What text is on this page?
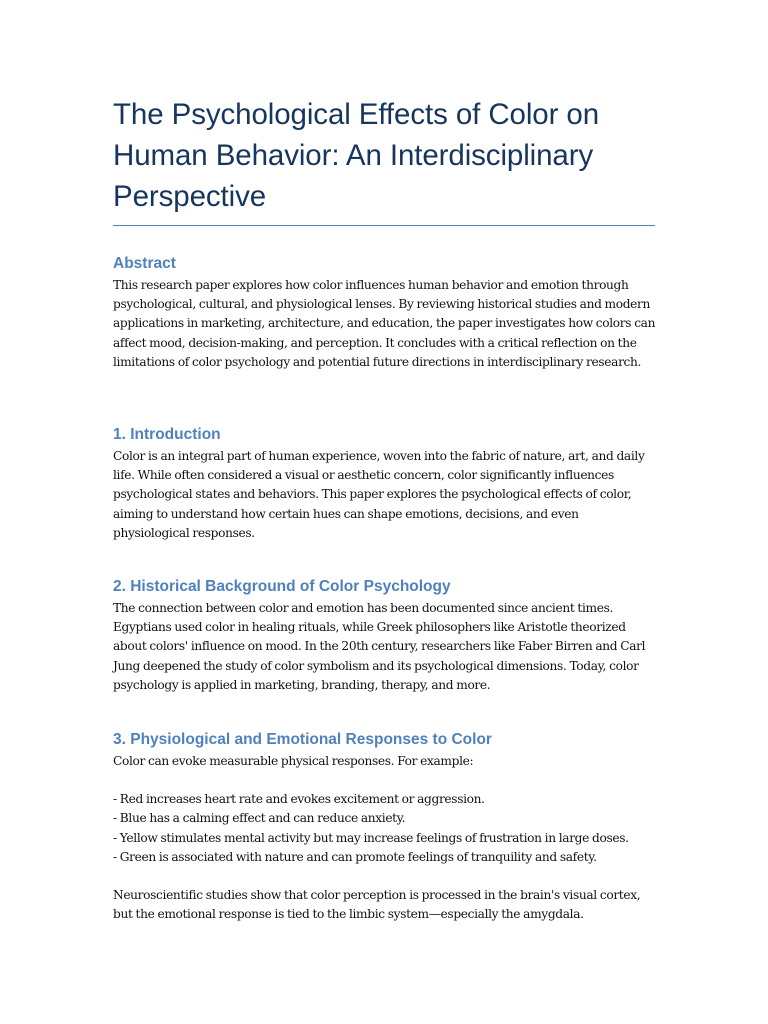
The Psychological Effects of Color on Human Behavior: An Interdisciplinary Perspective
Abstract

This research paper explores how color influences human behavior and emotion through psychological, cultural, and physiological lenses. By reviewing historical studies and modern applications in marketing, architecture, and education, the paper investigates how colors can affect mood, decision-making, and perception. It concludes with a critical reflection on the limitations of color psychology and potential future directions in interdisciplinary research.

1. Introduction

Color is an integral part of human experience, woven into the fabric of nature, art, and daily life. While often considered a visual or aesthetic concern, color significantly influences psychological states and behaviors. This paper explores the psychological effects of color, aiming to understand how certain hues can shape emotions, decisions, and even physiological responses.

2. Historical Background of Color Psychology

The connection between color and emotion has been documented since ancient times. Egyptians used color in healing rituals, while Greek philosophers like Aristotle theorized about colors' influence on mood. In the 20th century, researchers like Faber Birren and Carl Jung deepened the study of color symbolism and its psychological dimensions. Today, color psychology is applied in marketing, branding, therapy, and more.

3. Physiological and Emotional Responses to Color

Color can evoke measurable physical responses. For example:

- Red increases heart rate and evokes excitement or aggression.
- Blue has a calming effect and can reduce anxiety.
- Yellow stimulates mental activity but may increase feelings of frustration in large doses.
- Green is associated with nature and can promote feelings of tranquility and safety.

Neuroscientific studies show that color perception is processed in the brain's visual cortex, but the emotional response is tied to the limbic system—especially the amygdala.
